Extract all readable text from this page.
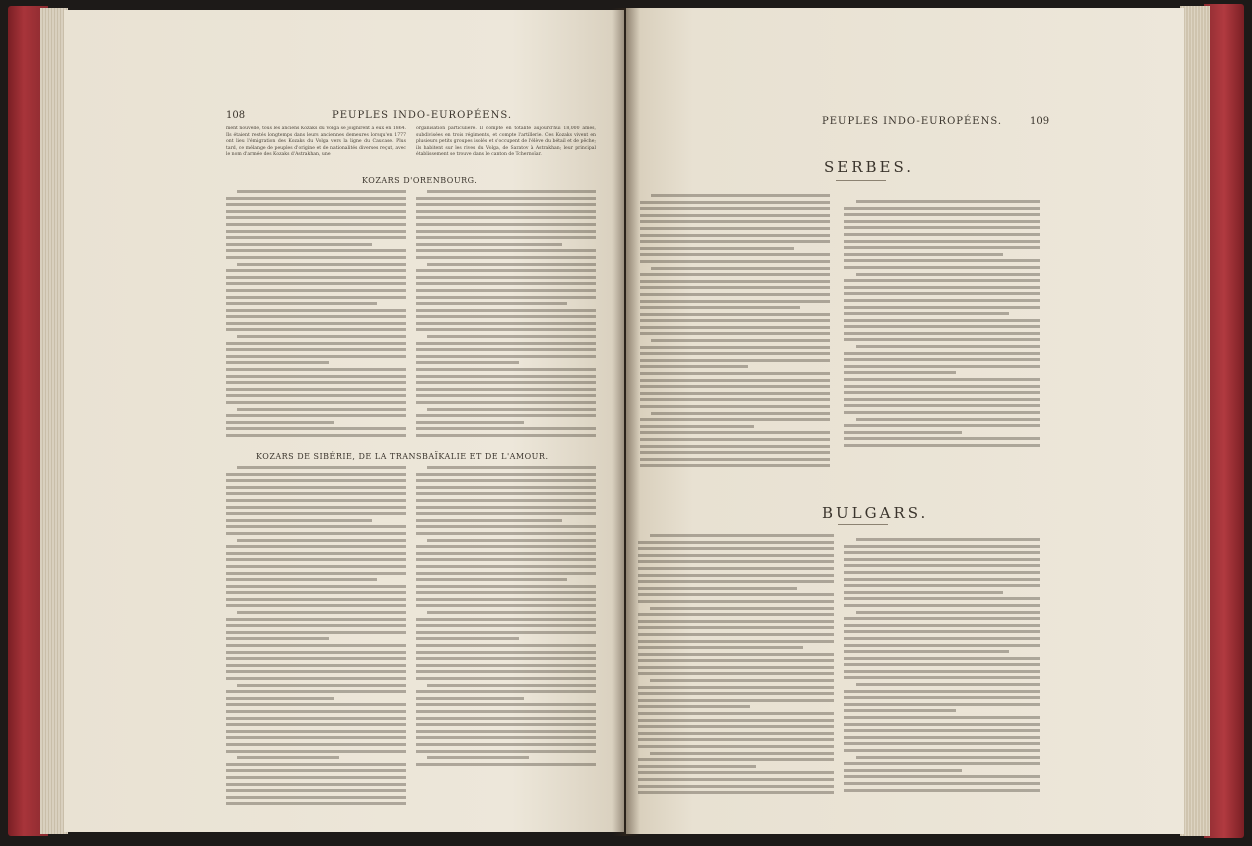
108	PEUPLES INDO-EUROPÉENS.
ment nouvelle, tous les anciens Kozaks du Volga se joignirent à eux en 1864. Ils étaient restés longtemps dans leurs anciennes demeures lorsqu'en 1777 ont lieu l'émigration des Kozaks du Volga vers la ligne du Caucase. Plus tard, ce mélange de peuples d'origine et de nationalités diverses reçut, avec le nom d'armée des Kozaks d'Astrakhan, une
organisation particulière. Il compte en totalité aujourd'hui 18,000 âmes, subdivisées en trois régiments, et compte l'artillerie. Ces Kozaks vivent en plusieurs petits groupes isolés et s'occupent de l'élève du bétail et de pêche; ils habitent sur les rives du Volga, de Saratov à Astrakhan; leur principal établissement se trouve dans le canton de Tchernoïar.
KOZARS D'ORENBOURG.
KOZARS DE SIBÉRIE, DE LA TRANSBAÏKALIE ET DE L'AMOUR.
PEUPLES INDO-EUROPÉENS.	109
SERBES.
BULGARS.
